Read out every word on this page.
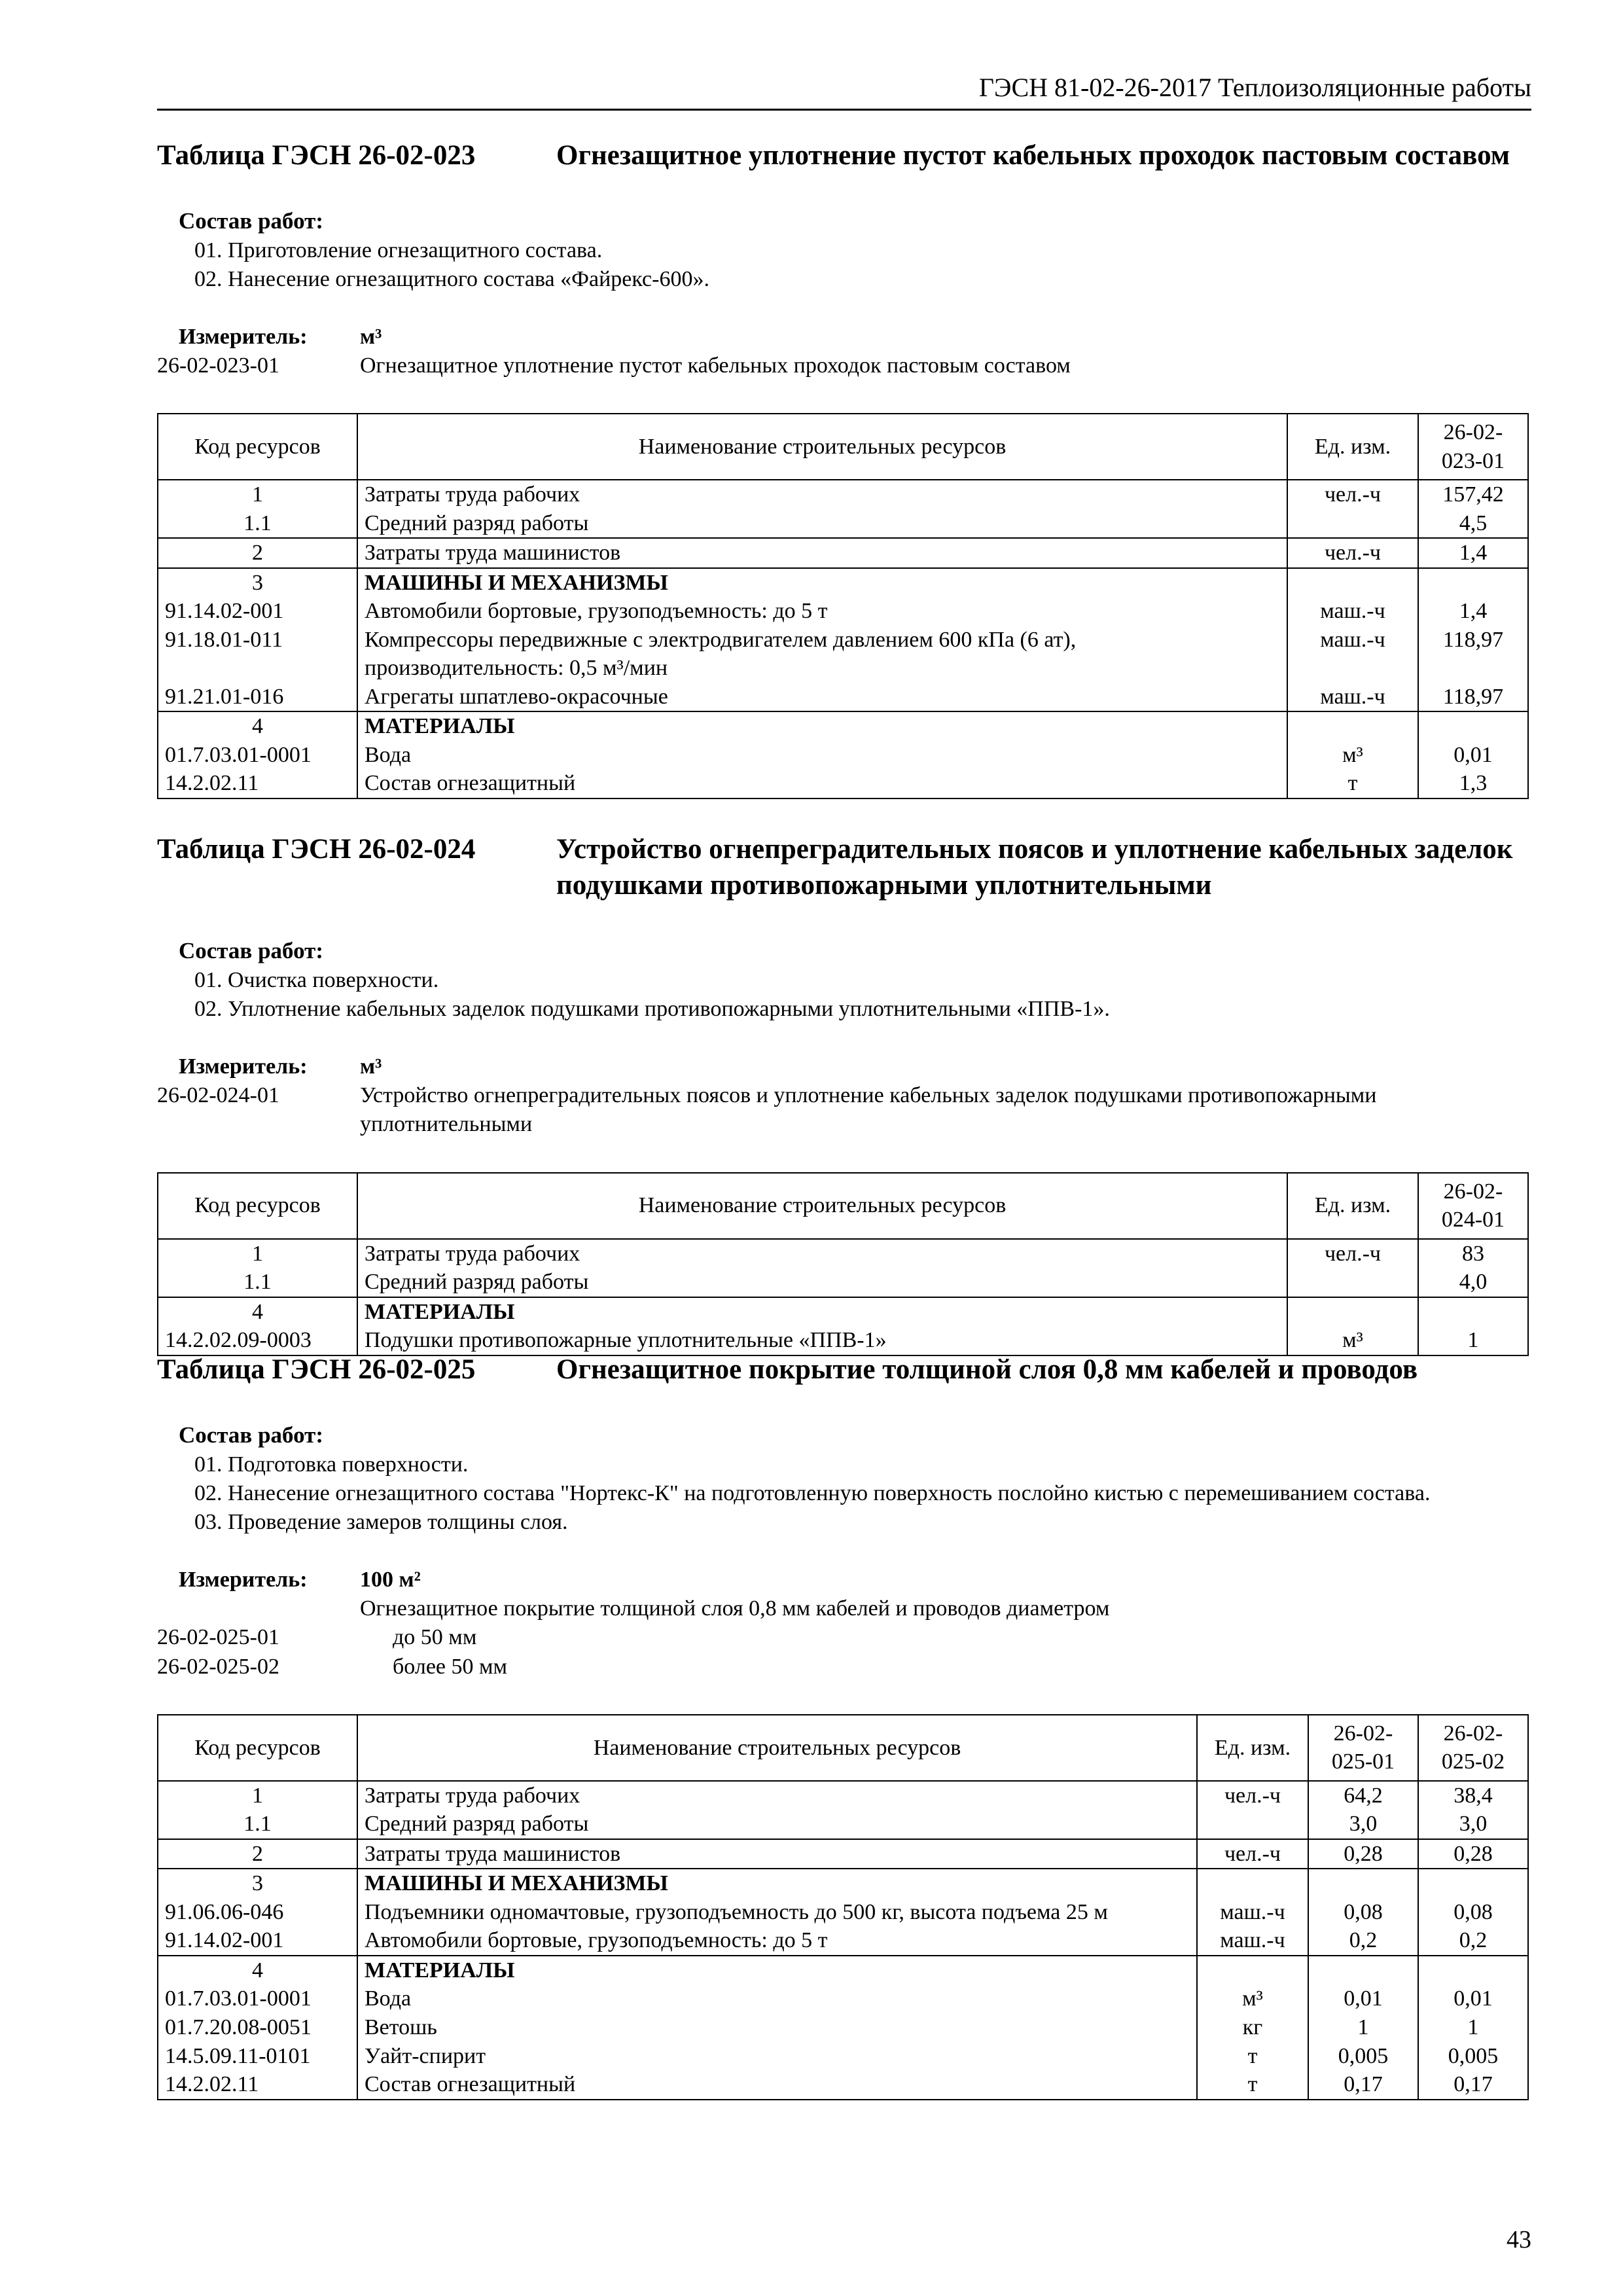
ГЭСН 81-02-26-2017 Теплоизоляционные работы
Таблица ГЭСН 26-02-023	Огнезащитное уплотнение пустот кабельных проходок пастовым составом
Состав работ:
01. Приготовление огнезащитного состава.
02. Нанесение огнезащитного состава «Файрекс-600».
Измеритель:	м³
26-02-023-01	Огнезащитное уплотнение пустот кабельных проходок пастовым составом
Код ресурсов	Наименование строительных ресурсов	Ед. изм.	26-02-023-01
1	Затраты труда рабочих	чел.-ч	157,42
1.1	Средний разряд работы		4,5
2	Затраты труда машинистов	чел.-ч	1,4
3	МАШИНЫ И МЕХАНИЗМЫ		
91.14.02-001	Автомобили бортовые, грузоподъемность: до 5 т	маш.-ч	1,4
91.18.01-011	Компрессоры передвижные с электродвигателем давлением 600 кПа (6 ат), производительность: 0,5 м³/мин	маш.-ч	118,97
91.21.01-016	Агрегаты шпатлево-окрасочные	маш.-ч	118,97
4	МАТЕРИАЛЫ		
01.7.03.01-0001	Вода	м³	0,01
14.2.02.11	Состав огнезащитный	т	1,3
Таблица ГЭСН 26-02-024	Устройство огнепреградительных поясов и уплотнение кабельных заделок подушками противопожарными уплотнительными
Состав работ:
01. Очистка поверхности.
02. Уплотнение кабельных заделок подушками противопожарными уплотнительными «ППВ-1».
Измеритель:	м³
26-02-024-01	Устройство огнепреградительных поясов и уплотнение кабельных заделок подушками противопожарными уплотнительными
Код ресурсов	Наименование строительных ресурсов	Ед. изм.	26-02-024-01
1	Затраты труда рабочих	чел.-ч	83
1.1	Средний разряд работы		4,0
4	МАТЕРИАЛЫ		
14.2.02.09-0003	Подушки противопожарные уплотнительные «ППВ-1»	м³	1
Таблица ГЭСН 26-02-025	Огнезащитное покрытие толщиной слоя 0,8 мм кабелей и проводов
Состав работ:
01. Подготовка поверхности.
02. Нанесение огнезащитного состава "Нортекс-К" на подготовленную поверхность послойно кистью с перемешиванием состава.
03. Проведение замеров толщины слоя.
Измеритель:	100 м²
Огнезащитное покрытие толщиной слоя 0,8 мм кабелей и проводов диаметром
26-02-025-01	до 50 мм
26-02-025-02	более 50 мм
Код ресурсов	Наименование строительных ресурсов	Ед. изм.	26-02-025-01	26-02-025-02
1	Затраты труда рабочих	чел.-ч	64,2	38,4
1.1	Средний разряд работы		3,0	3,0
2	Затраты труда машинистов	чел.-ч	0,28	0,28
3	МАШИНЫ И МЕХАНИЗМЫ			
91.06.06-046	Подъемники одномачтовые, грузоподъемность до 500 кг, высота подъема 25 м	маш.-ч	0,08	0,08
91.14.02-001	Автомобили бортовые, грузоподъемность: до 5 т	маш.-ч	0,2	0,2
4	МАТЕРИАЛЫ			
01.7.03.01-0001	Вода	м³	0,01	0,01
01.7.20.08-0051	Ветошь	кг	1	1
14.5.09.11-0101	Уайт-спирит	т	0,005	0,005
14.2.02.11	Состав огнезащитный	т	0,17	0,17
43
